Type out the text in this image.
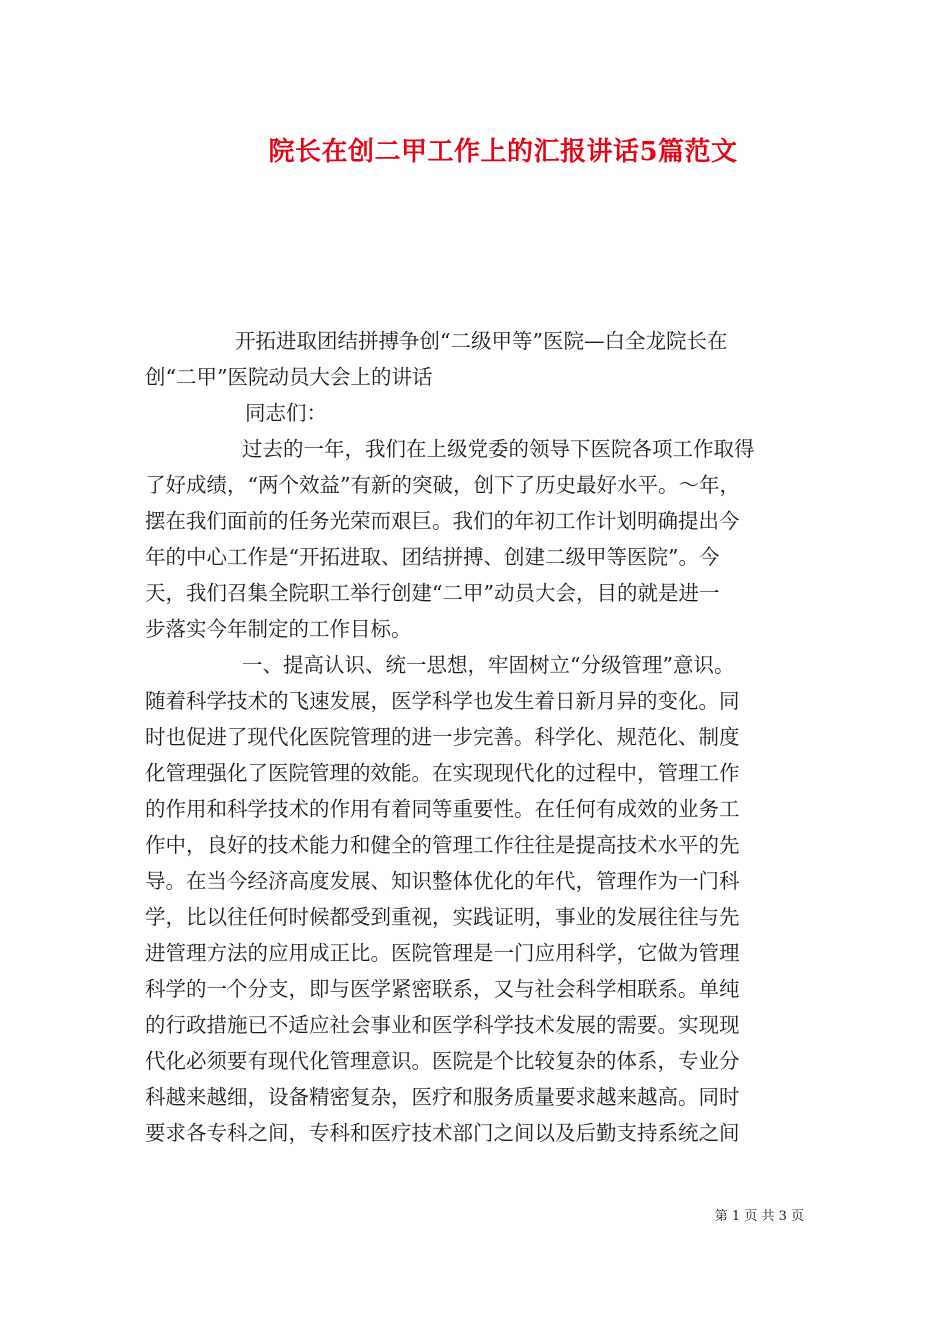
院长在创二甲工作上的汇报讲话5篇范文
开拓进取团结拼搏争创“二级甲等”医院—白全龙院长在
创“二甲”医院动员大会上的讲话
同志们：
过去的一年，我们在上级党委的领导下医院各项工作取得
了好成绩，“两个效益”有新的突破，创下了历史最好水平。～年，
摆在我们面前的任务光荣而艰巨。我们的年初工作计划明确提出今
年的中心工作是“开拓进取、团结拼搏、创建二级甲等医院”。今
天，我们召集全院职工举行创建“二甲”动员大会，目的就是进一
步落实今年制定的工作目标。
一、提高认识、统一思想，牢固树立“分级管理”意识。
随着科学技术的飞速发展，医学科学也发生着日新月异的变化。同
时也促进了现代化医院管理的进一步完善。科学化、规范化、制度
化管理强化了医院管理的效能。在实现现代化的过程中，管理工作
的作用和科学技术的作用有着同等重要性。在任何有成效的业务工
作中，良好的技术能力和健全的管理工作往往是提高技术水平的先
导。在当今经济高度发展、知识整体优化的年代，管理作为一门科
学，比以往任何时候都受到重视，实践证明，事业的发展往往与先
进管理方法的应用成正比。医院管理是一门应用科学，它做为管理
科学的一个分支，即与医学紧密联系，又与社会科学相联系。单纯
的行政措施已不适应社会事业和医学科学技术发展的需要。实现现
代化必须要有现代化管理意识。医院是个比较复杂的体系，专业分
科越来越细，设备精密复杂，医疗和服务质量要求越来越高。同时
要求各专科之间，专科和医疗技术部门之间以及后勤支持系统之间
第 1 页 共 3 页
